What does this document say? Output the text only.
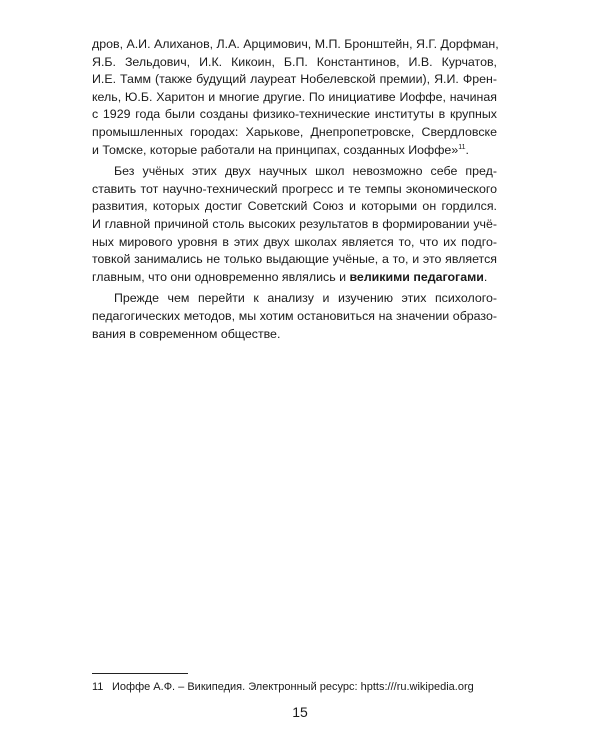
дров, А.И. Алиханов, Л.А. Арцимович, М.П. Бронштейн, Я.Г. Дорфман,
Я.Б. Зельдович, И.К. Кикоин, Б.П. Константинов, И.В. Курчатов,
И.Е. Тамм (также будущий лауреат Нобелевской премии), Я.И. Френ-
кель, Ю.Б. Харитон и многие другие. По инициативе Иоффе, начиная
с 1929 года были созданы физико-технические институты в крупных
промышленных городах: Харькове, Днепропетровске, Свердловске
и Томске, которые работали на принципах, созданных Иоффе»$^{11}$.
Без учёных этих двух научных школ невозможно себе пред-
ставить тот научно-технический прогресс и те темпы экономического
развития, которых достиг Советский Союз и которыми он гордился.
И главной причиной столь высоких результатов в формировании учё-
ных мирового уровня в этих двух школах является то, что их подго-
товкой занимались не только выдающие учёные, а то, и это является
главным, что они одновременно являлись и великими педагогами.
Прежде чем перейти к анализу и изучению этих психолого-
педагогических методов, мы хотим остановиться на значении образо-
вания в современном обществе.
11 Иоффе А.Ф. – Википедия. Электронный ресурс: hptts:///ru.wikipedia.org
15
